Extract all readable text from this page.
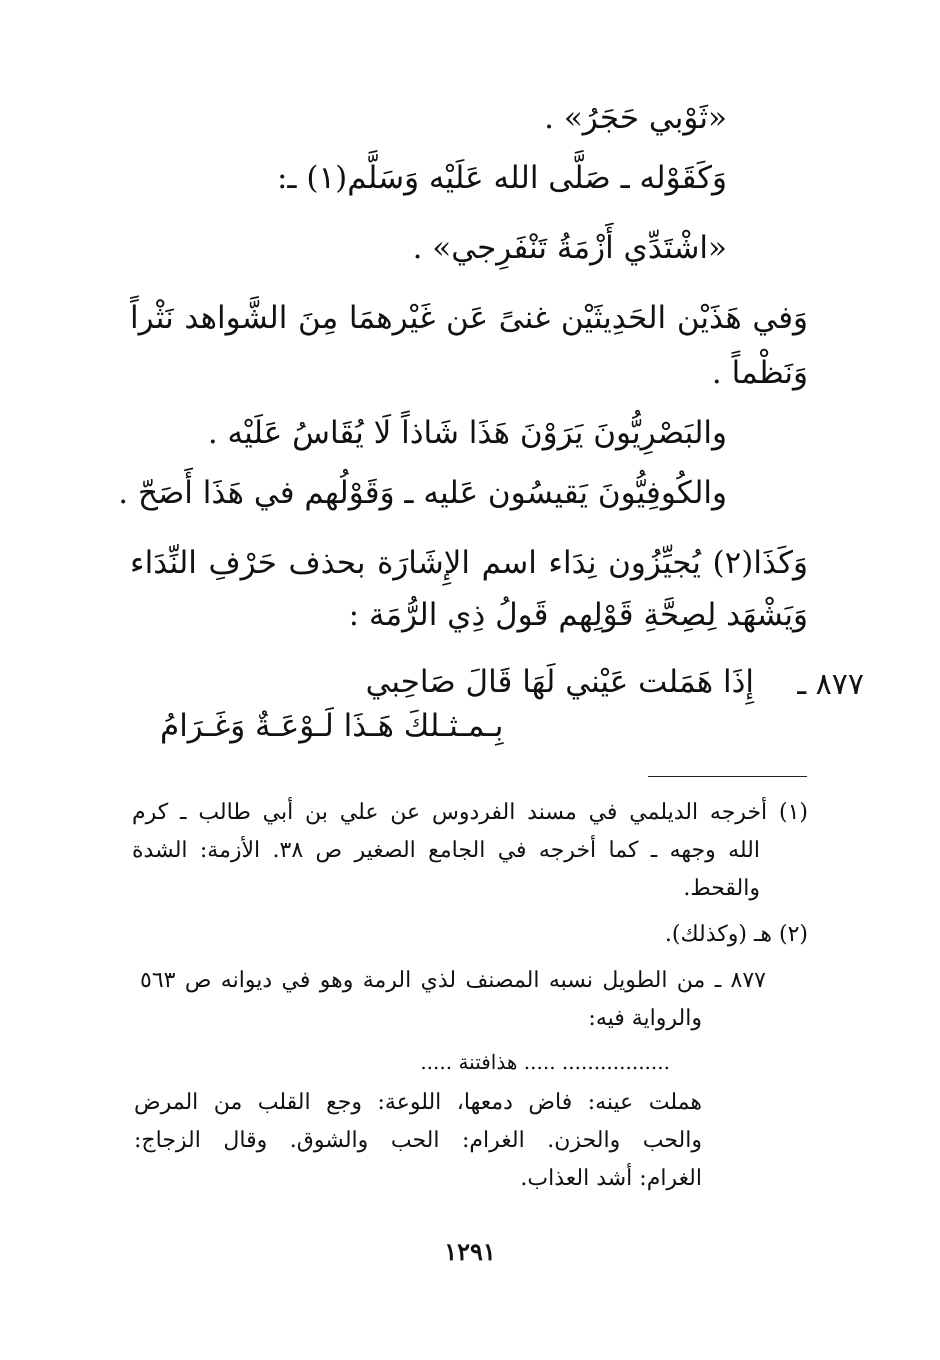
«ثَوْبي حَجَرُ» .
وَكَقَوْله ـ صَلَّى الله عَلَيْه وَسَلَّم(١) ـ:
«اشْتَدِّي أَزْمَةُ تَنْفَرِجي» .
وَفي هَذَيْن الحَدِيثَيْن غنىً عَن غَيْرهمَا مِنَ الشَّواهد نَثْراً
وَنَظْماً .
والبَصْرِيُّونَ يَرَوْنَ هَذَا شَاذاً لَا يُقَاسُ عَلَيْه .
والكُوفِيُّونَ يَقيسُون عَليه ـ وَقَوْلُهم في هَذَا أَصَحّ .
وَكَذَا(٢) يُجيِّزُون نِدَاء اسم الإِشَارَة بحذف حَرْفِ النِّدَاء
وَيَشْهَد لِصِحَّةِ قَوْلِهم قَولُ ذِي الرُّمَة :
٨٧٧ ـ
إِذَا هَمَلت عَيْني لَهَا قَالَ صَاحِبي
بِـمـثـلكَ هَـذَا لَـوْعَـةٌ وَغَـرَامُ
(١) أخرجه الديلمي في مسند الفردوس عن علي بن أبي طالب ـ كرم
الله وجهه ـ كما أخرجه في الجامع الصغير ص ٣٨. الأزمة: الشدة
والقحط.
(٢) هـ (وكذلك).
٨٧٧ ـ من الطويل نسبه المصنف لذي الرمة وهو في ديوانه ص ٥٦٣
والرواية فيه:
................. ..... هذافتنة .....
هملت عينه: فاض دمعها، اللوعة: وجع القلب من المرض
والحب والحزن. الغرام: الحب والشوق. وقال الزجاج:
الغرام: أشد العذاب.
١٢٩١
